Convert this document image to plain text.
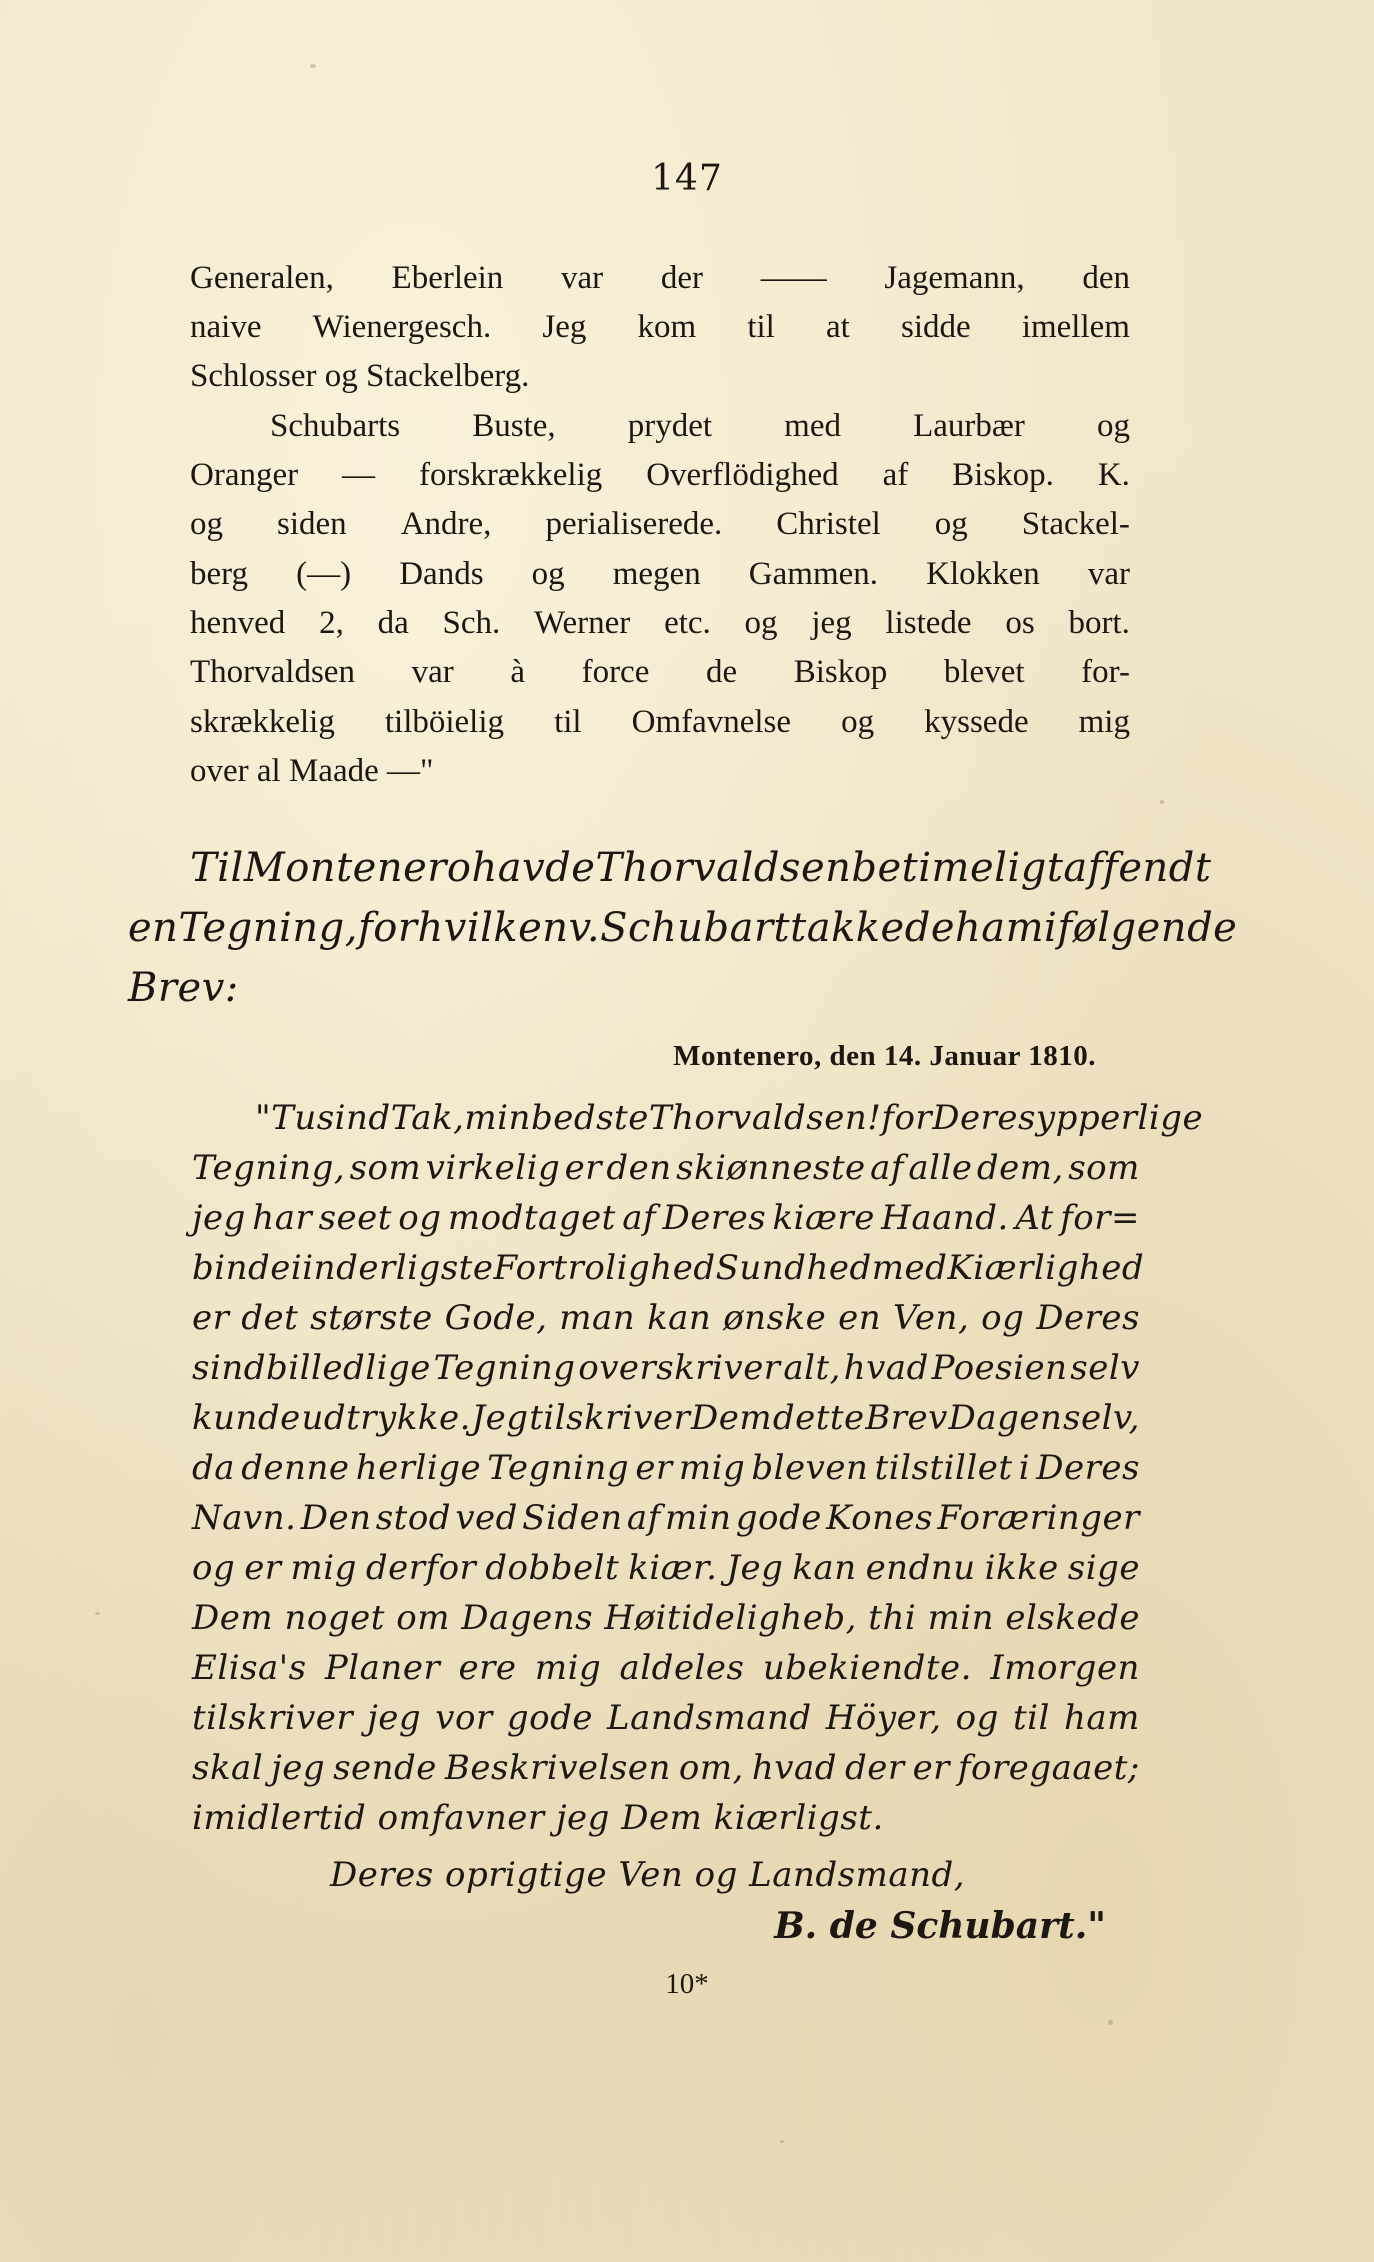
147
Generalen, Eberlein var der —— Jagemann, den
naive Wienergesch. Jeg kom til at sidde imellem
Schlosser og Stackelberg.
Schubarts Buste, prydet med Laurbær og
Oranger — forskrækkelig Overflödighed af Biskop. K.
og siden Andre, perialiserede. Christel og Stackel-
berg (—) Dands og megen Gammen. Klokken var
henved 2, da Sch. Werner etc. og jeg listede os bort.
Thorvaldsen var à force de Biskop blevet for-
skrækkelig tilböielig til Omfavnelse og kyssede mig
over al Maade —"
Til Montenero havde Thorvaldsen betimeligt affendt
en Tegning, for hvilken v. Schubart takkede ham i følgende
Brev:
Montenero, den 14. Januar 1810.
"Tusind Tak, min bedste Thorvaldsen! for Deres ypperlige
Tegning, som virkelig er den skiønneste af alle dem, som
jeg har seet og modtaget af Deres kiære Haand. At for=
binde i inderligste Fortrolighed Sundhed med Kiærlighed
er det største Gode, man kan ønske en Ven, og Deres
sindbilledlige Tegning overskriver alt, hvad Poesien selv
kunde udtrykke. Jeg tilskriver Dem dette Brev Dagen selv,
da denne herlige Tegning er mig bleven tilstillet i Deres
Navn. Den stod ved Siden af min gode Kones Foræringer
og er mig derfor dobbelt kiær. Jeg kan endnu ikke sige
Dem noget om Dagens Høitideligheb, thi min elskede
Elisa's Planer ere mig aldeles ubekiendte. Imorgen
tilskriver jeg vor gode Landsmand Höyer, og til ham
skal jeg sende Beskrivelsen om, hvad der er foregaaet;
imidlertid omfavner jeg Dem kiærligst.
Deres oprigtige Ven og Landsmand,
B. de Schubart."
10*
